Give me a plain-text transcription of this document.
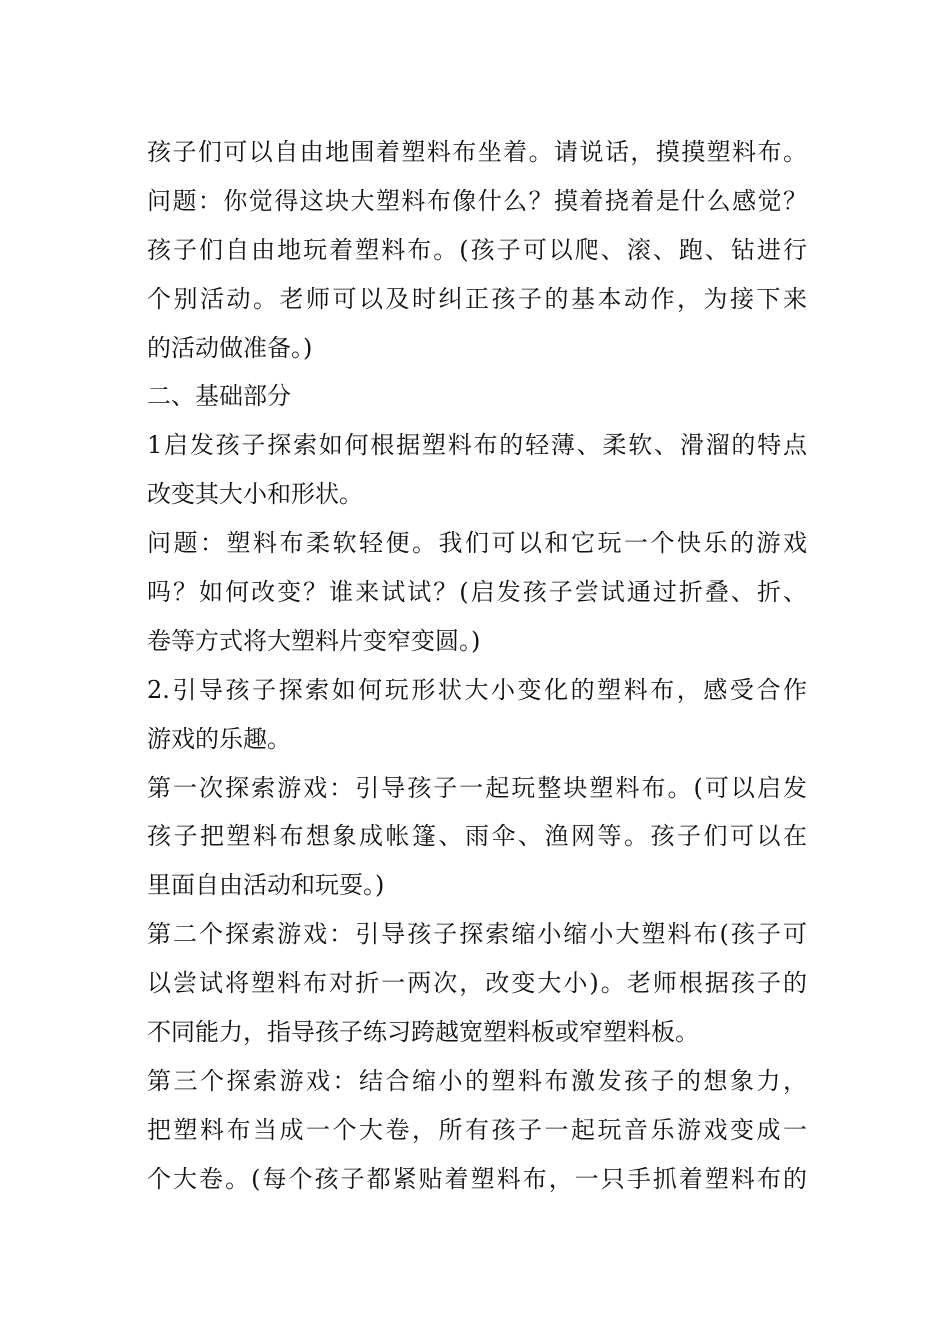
孩子们可以自由地围着塑料布坐着。请说话，摸摸塑料布。
问题：你觉得这块大塑料布像什么？摸着挠着是什么感觉？
孩子们自由地玩着塑料布。(孩子可以爬、滚、跑、钻进行
个别活动。老师可以及时纠正孩子的基本动作，为接下来
的活动做准备。)
二、基础部分
1启发孩子探索如何根据塑料布的轻薄、柔软、滑溜的特点
改变其大小和形状。
问题：塑料布柔软轻便。我们可以和它玩一个快乐的游戏
吗？如何改变？谁来试试？(启发孩子尝试通过折叠、折、
卷等方式将大塑料片变窄变圆。)
2.引导孩子探索如何玩形状大小变化的塑料布，感受合作
游戏的乐趣。
第一次探索游戏：引导孩子一起玩整块塑料布。(可以启发
孩子把塑料布想象成帐篷、雨伞、渔网等。孩子们可以在
里面自由活动和玩耍。)
第二个探索游戏：引导孩子探索缩小缩小大塑料布(孩子可
以尝试将塑料布对折一两次，改变大小)。老师根据孩子的
不同能力，指导孩子练习跨越宽塑料板或窄塑料板。
第三个探索游戏：结合缩小的塑料布激发孩子的想象力，
把塑料布当成一个大卷，所有孩子一起玩音乐游戏变成一
个大卷。(每个孩子都紧贴着塑料布，一只手抓着塑料布的
